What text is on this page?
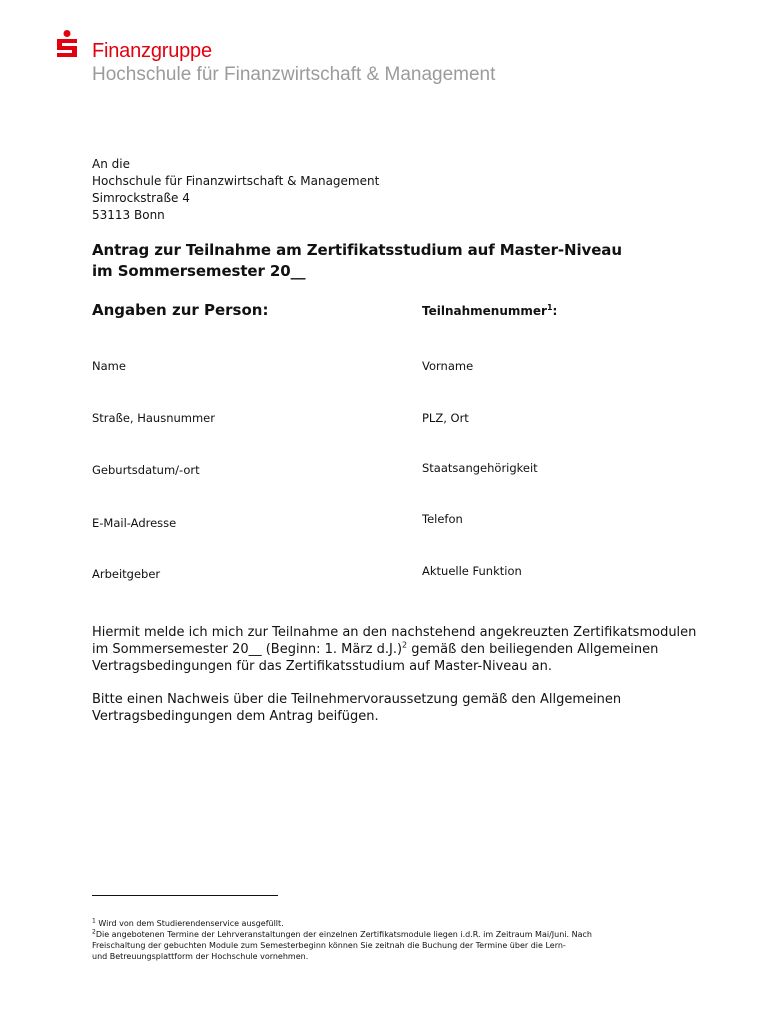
Finanzgruppe
Hochschule für Finanzwirtschaft & Management
An die
Hochschule für Finanzwirtschaft & Management
Simrockstraße 4
53113 Bonn
Antrag zur Teilnahme am Zertifikatsstudium auf Master-Niveau
im Sommersemester 20__
Angaben zur Person:	Teilnahmenummer$^1$:
Name
Straße, Hausnummer
Geburtsdatum/-ort
E-Mail-Adresse
Arbeitgeber
Vorname
PLZ, Ort
Staatsangehörigkeit
Telefon
Aktuelle Funktion
Hiermit melde ich mich zur Teilnahme an den nachstehend angekreuzten Zertifikatsmodulen
im Sommersemester 20__ (Beginn: 1. März d.J.)$^2$ gemäß den beiliegenden Allgemeinen
Vertragsbedingungen für das Zertifikatsstudium auf Master-Niveau an.
Bitte einen Nachweis über die Teilnehmervoraussetzung gemäß den Allgemeinen
Vertragsbedingungen dem Antrag beifügen.
$^1$ Wird von dem Studierendenservice ausgefüllt.
$^2$Die angebotenen Termine der Lehrveranstaltungen der einzelnen Zertifikatsmodule liegen i.d.R. im Zeitraum Mai/Juni. Nach
Freischaltung der gebuchten Module zum Semesterbeginn können Sie zeitnah die Buchung der Termine über die Lern-
und Betreuungsplattform der Hochschule vornehmen.
